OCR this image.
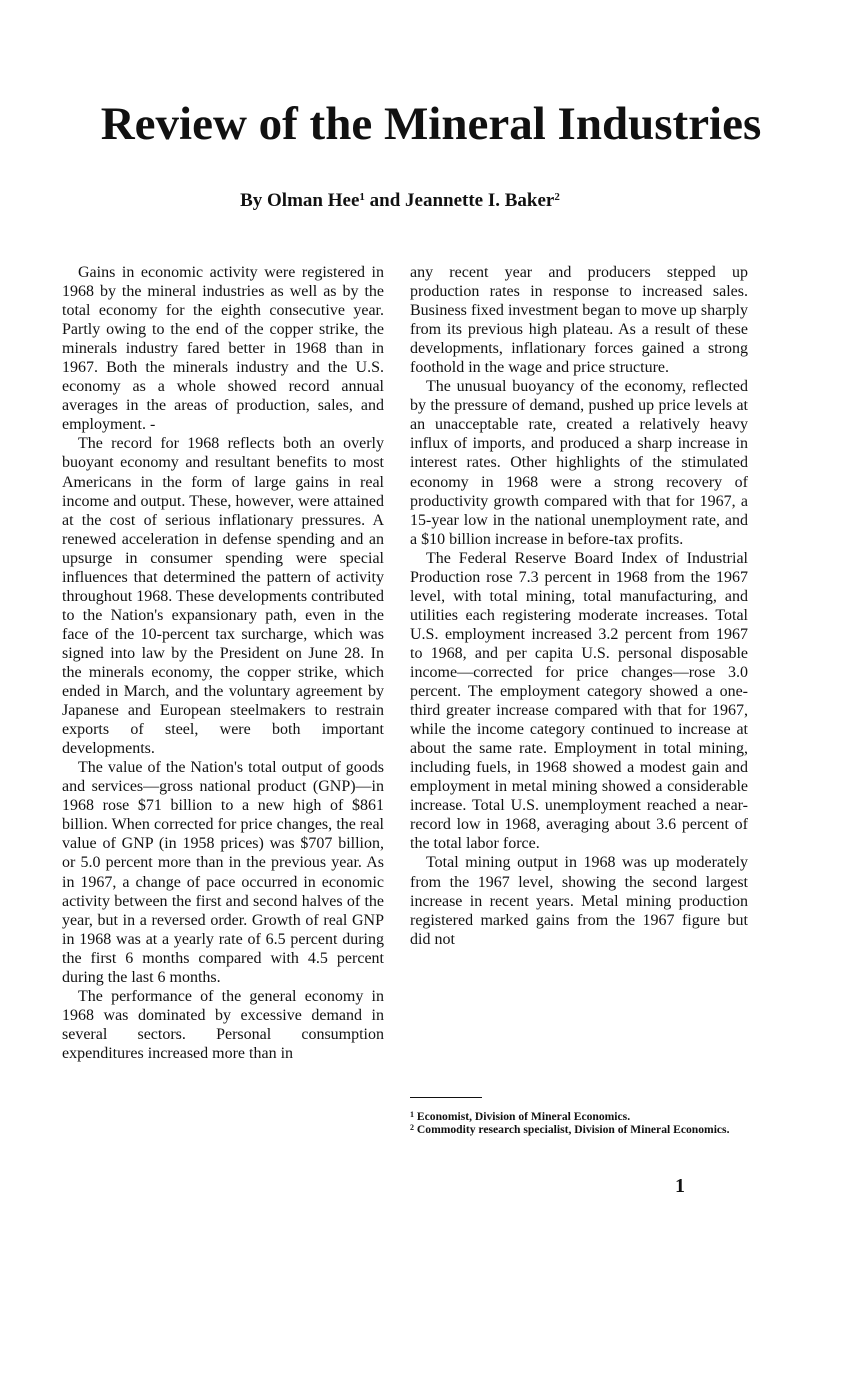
Review of the Mineral Industries
By Olman Hee$^1$ and Jeannette I. Baker$^2$

 Gains in economic activity were registered in 1968 by the mineral industries as well as by the total economy for the eighth consecutive year. Partly owing to the end of the copper strike, the minerals industry fared better in 1968 than in 1967. Both the minerals industry and the U.S. economy as a whole showed record annual averages in the areas of production, sales, and employment. -

 The record for 1968 reflects both an overly buoyant economy and resultant benefits to most Americans in the form of large gains in real income and output. These, however, were attained at the cost of serious inflationary pressures. A renewed acceleration in defense spending and an upsurge in consumer spending were special influences that determined the pattern of activity throughout 1968. These developments contributed to the Nation's expansionary path, even in the face of the 10-percent tax surcharge, which was signed into law by the President on June 28. In the minerals economy, the copper strike, which ended in March, and the voluntary agreement by Japanese and European steelmakers to restrain exports of steel, were both important developments.

 The value of the Nation's total output of goods and services—gross national product (GNP)—in 1968 rose $71 billion to a new high of $861 billion. When corrected for price changes, the real value of GNP (in 1958 prices) was $707 billion, or 5.0 percent more than in the previous year. As in 1967, a change of pace occurred in economic activity between the first and second halves of the year, but in a reversed order. Growth of real GNP in 1968 was at a yearly rate of 6.5 percent during the first 6 months compared with 4.5 percent during the last 6 months.

 The performance of the general economy in 1968 was dominated by excessive demand in several sectors. Personal consumption expenditures increased more than in

any recent year and producers stepped up production rates in response to increased sales. Business fixed investment began to move up sharply from its previous high plateau. As a result of these developments, inflationary forces gained a strong foothold in the wage and price structure.

 The unusual buoyancy of the economy, reflected by the pressure of demand, pushed up price levels at an unacceptable rate, created a relatively heavy influx of imports, and produced a sharp increase in interest rates. Other highlights of the stimulated economy in 1968 were a strong recovery of productivity growth compared with that for 1967, a 15-year low in the national unemployment rate, and a $10 billion increase in before-tax profits.

 The Federal Reserve Board Index of Industrial Production rose 7.3 percent in 1968 from the 1967 level, with total mining, total manufacturing, and utilities each registering moderate increases. Total U.S. employment increased 3.2 percent from 1967 to 1968, and per capita U.S. personal disposable income—corrected for price changes—rose 3.0 percent. The employment category showed a one-third greater increase compared with that for 1967, while the income category continued to increase at about the same rate. Employment in total mining, including fuels, in 1968 showed a modest gain and employment in metal mining showed a considerable increase. Total U.S. unemployment reached a near-record low in 1968, averaging about 3.6 percent of the total labor force.

 Total mining output in 1968 was up moderately from the 1967 level, showing the second largest increase in recent years. Metal mining production registered marked gains from the 1967 figure but did not

$^1$ Economist, Division of Mineral Economics.

$^2$ Commodity research specialist, Division of Mineral Economics.

1
